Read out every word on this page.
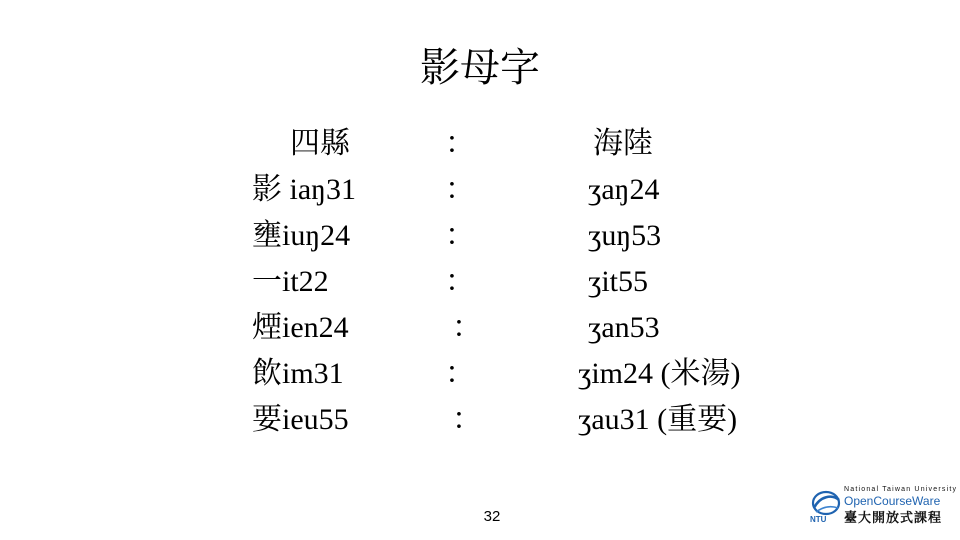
影母字
四縣	：	海陸
影 iaŋ31	：	ʒaŋ24
壅iuŋ24	：	ʒuŋ53
一it22	：	ʒit55
煙ien24	：	ʒan53
飲im31	：	ʒim24 (米湯)
要ieu55	：	ʒau31 (重要)
32	NTU
National Taiwan University
OpenCourseWare
臺大開放式課程
